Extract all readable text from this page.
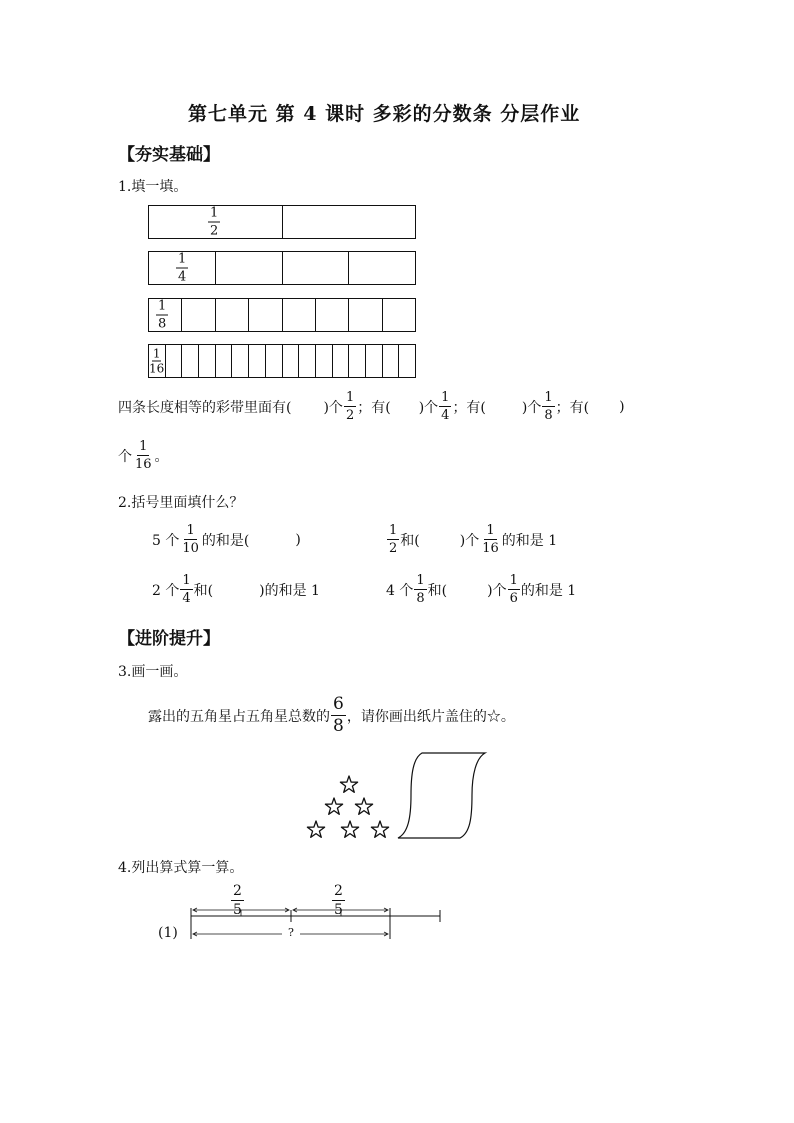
第七单元 第 4 课时 多彩的分数条 分层作业
【夯实基础】
1.填一填。
$\frac{1}{2}$
$\frac{1}{4}$
$\frac{1}{8}$
$\frac{1}{16}$
四条长度相等的彩带里面有( )个 $\frac{1}{2}$ ；有( )个 $\frac{1}{4}$ ；有(	)个 $\frac{1}{8}$ ；有( )
个 $\frac{1}{16}$ 。
2.括号里面填什么？
5 个 $\frac{1}{10}$ 的和是(	)	$\frac{1}{2}$ 和(	)个 $\frac{1}{16}$ 的和是 1
2 个 $\frac{1}{4}$ 和(	)的和是 1	4 个 $\frac{1}{8}$ 和(	)个 $\frac{1}{6}$ 的和是 1
【进阶提升】
3.画一画。
露出的五角星占五角星总数的 $\frac{6}{8}$ ，请你画出纸片盖住的☆。
4.列出算式算一算。
(1)
$\frac{2}{5}$	$\frac{2}{5}$
?
